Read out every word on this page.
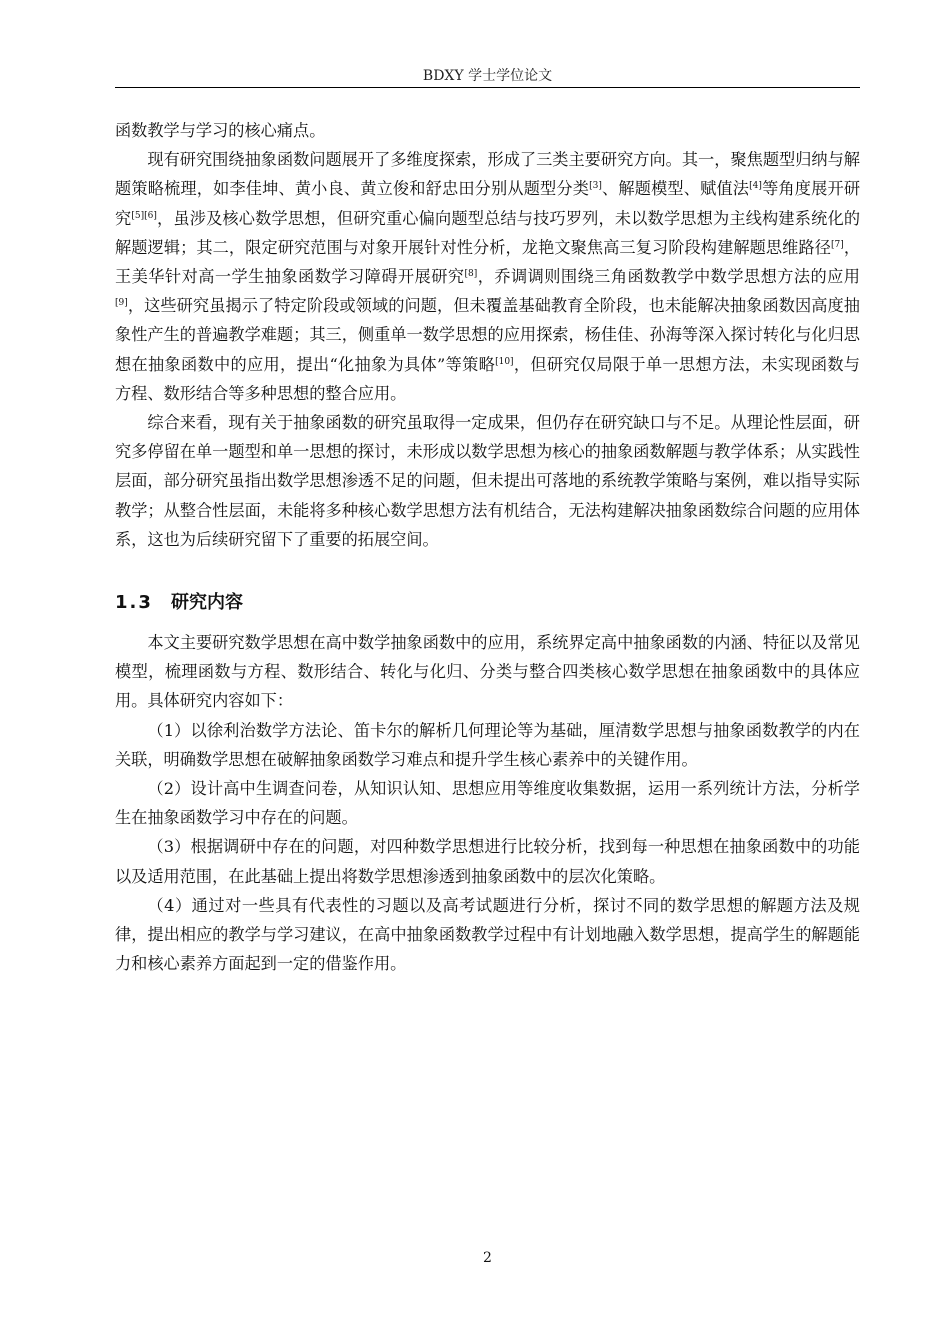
BDXY 学士学位论文

函数教学与学习的核心痛点。

现有研究围绕抽象函数问题展开了多维度探索，形成了三类主要研究方向。其一，聚焦题型归纳与解题策略梳理，如李佳坤、黄小良、黄立俊和舒忠田分别从题型分类[3]、解题模型、赋值法[4]等角度展开研究[5][6]，虽涉及核心数学思想，但研究重心偏向题型总结与技巧罗列，未以数学思想为主线构建系统化的解题逻辑；其二，限定研究范围与对象开展针对性分析，龙艳文聚焦高三复习阶段构建解题思维路径[7]，王美华针对高一学生抽象函数学习障碍开展研究[8]，乔调调则围绕三角函数教学中数学思想方法的应用[9]，这些研究虽揭示了特定阶段或领域的问题，但未覆盖基础教育全阶段，也未能解决抽象函数因高度抽象性产生的普遍教学难题；其三，侧重单一数学思想的应用探索，杨佳佳、孙海等深入探讨转化与化归思想在抽象函数中的应用，提出“化抽象为具体”等策略[10]，但研究仅局限于单一思想方法，未实现函数与方程、数形结合等多种思想的整合应用。

综合来看，现有关于抽象函数的研究虽取得一定成果，但仍存在研究缺口与不足。从理论性层面，研究多停留在单一题型和单一思想的探讨，未形成以数学思想为核心的抽象函数解题与教学体系；从实践性层面，部分研究虽指出数学思想渗透不足的问题，但未提出可落地的系统教学策略与案例，难以指导实际教学；从整合性层面，未能将多种核心数学思想方法有机结合，无法构建解决抽象函数综合问题的应用体系，这也为后续研究留下了重要的拓展空间。

1.3 研究内容

本文主要研究数学思想在高中数学抽象函数中的应用，系统界定高中抽象函数的内涵、特征以及常见模型，梳理函数与方程、数形结合、转化与化归、分类与整合四类核心数学思想在抽象函数中的具体应用。具体研究内容如下：

（1）以徐利治数学方法论、笛卡尔的解析几何理论等为基础，厘清数学思想与抽象函数教学的内在关联，明确数学思想在破解抽象函数学习难点和提升学生核心素养中的关键作用。

（2）设计高中生调查问卷，从知识认知、思想应用等维度收集数据，运用一系列统计方法，分析学生在抽象函数学习中存在的问题。

（3）根据调研中存在的问题，对四种数学思想进行比较分析，找到每一种思想在抽象函数中的功能以及适用范围，在此基础上提出将数学思想渗透到抽象函数中的层次化策略。

（4）通过对一些具有代表性的习题以及高考试题进行分析，探讨不同的数学思想的解题方法及规律，提出相应的教学与学习建议，在高中抽象函数教学过程中有计划地融入数学思想，提高学生的解题能力和核心素养方面起到一定的借鉴作用。

2
